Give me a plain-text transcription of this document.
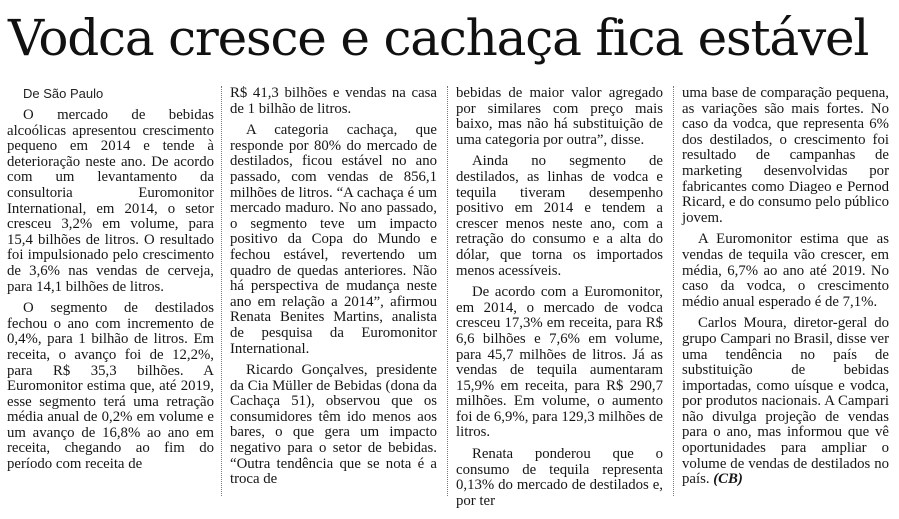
Vodca cresce e cachaça fica estável

De São Paulo

O mercado de bebidas alcoólicas apresentou crescimento pequeno em 2014 e tende à deterioração neste ano. De acordo com um levantamento da consultoria Euromonitor International, em 2014, o setor cresceu 3,2% em volume, para 15,4 bilhões de litros. O resultado foi impulsionado pelo crescimento de 3,6% nas vendas de cerveja, para 14,1 bilhões de litros.

O segmento de destilados fechou o ano com incremento de 0,4%, para 1 bilhão de litros. Em receita, o avanço foi de 12,2%, para R$ 35,3 bilhões. A Euromonitor estima que, até 2019, esse segmento terá uma retração média anual de 0,2% em volume e um avanço de 16,8% ao ano em receita, chegando ao fim do período com receita de

R$ 41,3 bilhões e vendas na casa de 1 bilhão de litros.

A categoria cachaça, que responde por 80% do mercado de destilados, ficou estável no ano passado, com vendas de 856,1 milhões de litros. “A cachaça é um mercado maduro. No ano passado, o segmento teve um impacto positivo da Copa do Mundo e fechou estável, revertendo um quadro de quedas anteriores. Não há perspectiva de mudança neste ano em relação a 2014”, afirmou Renata Benites Martins, analista de pesquisa da Euromonitor International.

Ricardo Gonçalves, presidente da Cia Müller de Bebidas (dona da Cachaça 51), observou que os consumidores têm ido menos aos bares, o que gera um impacto negativo para o setor de bebidas. “Outra tendência que se nota é a troca de

bebidas de maior valor agregado por similares com preço mais baixo, mas não há substituição de uma categoria por outra”, disse.

Ainda no segmento de destilados, as linhas de vodca e tequila tiveram desempenho positivo em 2014 e tendem a crescer menos neste ano, com a retração do consumo e a alta do dólar, que torna os importados menos acessíveis.

De acordo com a Euromonitor, em 2014, o mercado de vodca cresceu 17,3% em receita, para R$ 6,6 bilhões e 7,6% em volume, para 45,7 milhões de litros. Já as vendas de tequila aumentaram 15,9% em receita, para R$ 290,7 milhões. Em volume, o aumento foi de 6,9%, para 129,3 milhões de litros.

Renata ponderou que o consumo de tequila representa 0,13% do mercado de destilados e, por ter

uma base de comparação pequena, as variações são mais fortes. No caso da vodca, que representa 6% dos destilados, o crescimento foi resultado de campanhas de marketing desenvolvidas por fabricantes como Diageo e Pernod Ricard, e do consumo pelo público jovem.

A Euromonitor estima que as vendas de tequila vão crescer, em média, 6,7% ao ano até 2019. No caso da vodca, o crescimento médio anual esperado é de 7,1%.

Carlos Moura, diretor-geral do grupo Campari no Brasil, disse ver uma tendência no país de substituição de bebidas importadas, como uísque e vodca, por produtos nacionais. A Campari não divulga projeção de vendas para o ano, mas informou que vê oportunidades para ampliar o volume de vendas de destilados no país. (CB)
